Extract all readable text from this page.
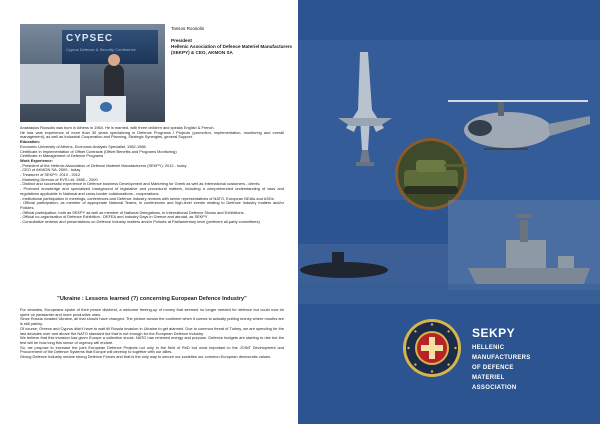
CYPSEC
Cyprus Defence & Security Conference
Tassos Roosolis
President
Hellenic Association of Defence Materiel Manufacturers
(SEKPY) & CEO, AKMON SA

Anastasios Roosolis was born in Athens in 1964. He is married, with three children and speaks English & French.

He has vast experience of more than 30 years specializing in Defence Programs / Projects (promotion, implementation, monitoring and overall management), as well as Industrial Cooperation and Planning, Strategic Synergies, general Support.

Education:

Economic University of Athens, Economic Analysis Specialist, 1982-1986

Certificate in Implementation of Offset Contracts (Offset Benefits and Programs Monitoring)

Certificate in Management of Defence Programs

Work Experience:

- President of the Hellenic Association of Defence Materiel Manufacturers (SEKPY): 2012 - today

- CEO of AKMON SA: 2009 - today

- Treasurer of SEKPY: 2010 - 2012

- Marketing Director of EVS Ltd: 1988 – 2000

- Distinct and successful experience in Defence business Development and Marketing for Greek as well as International customers - clients.

- Profound knowledge and specialized background of legislative and procedural matters, including a comprehended understanding of laws and regulations applicable in National and cross-border collaborations - cooperations.

- Institutional participation in meetings, conferences and Defence Industry reviews with senior representatives of NATO, European NDIAs and ASDs.

- Official participation, as member of appropriate National Teams, in conferences and high-level events relating to Defence Industry matters and/or Policies.

- Official participation, both as SEKPY as well as member of National Delegations, in International Defence Shows and Exhibitions.

- Official co-organization of Defence Exhibition - DEFEA and Industry Days in Greece and abroad, as SEKPY

- Consultative reviews and presentations on Defence Industry matters and/or Policies at Parliamentary level (pertinent all-party committees)

"Ukraine : Lessons learned (?) concerning European Defence Industry"

For decades, Europeans spoke of their peace dividend, a welcome freeing-up of money that seemed no longer needed for defence but could now be spent on pleasanter and more productive uses.

Since Russia invaded Ukraine, all that should have changed. The picture across the continent when it comes to actually putting money where mouths are is still patchy.

Of course, Greece and Cyprus didn't have to wait till Russia invasion in Ukraine to get alarmed. Due to common threat of Turkey, we are spending for the last decades over and above the NATO standard but that is not enough for the European Defence Industry.

We believe that this invasion has given Europe a collective shock. NATO has renewed energy and purpose. Defence budgets are starting to rise but the test will be how long this sense of urgency will endure.

So, we propose to increase the joint European Defence Projects not only in the field of RnD but most important to the JOINT Development and Procurement of the Defence Systems that Europe will develop to together with our allies.

Strong Defence Industry means strong Defence Forces and that is the only way to secure our societies our common European democratic values.

SEKPY
HELLENIC
MANUFACTURERS
OF DEFENCE
MATERIEL
ASSOCIATION
